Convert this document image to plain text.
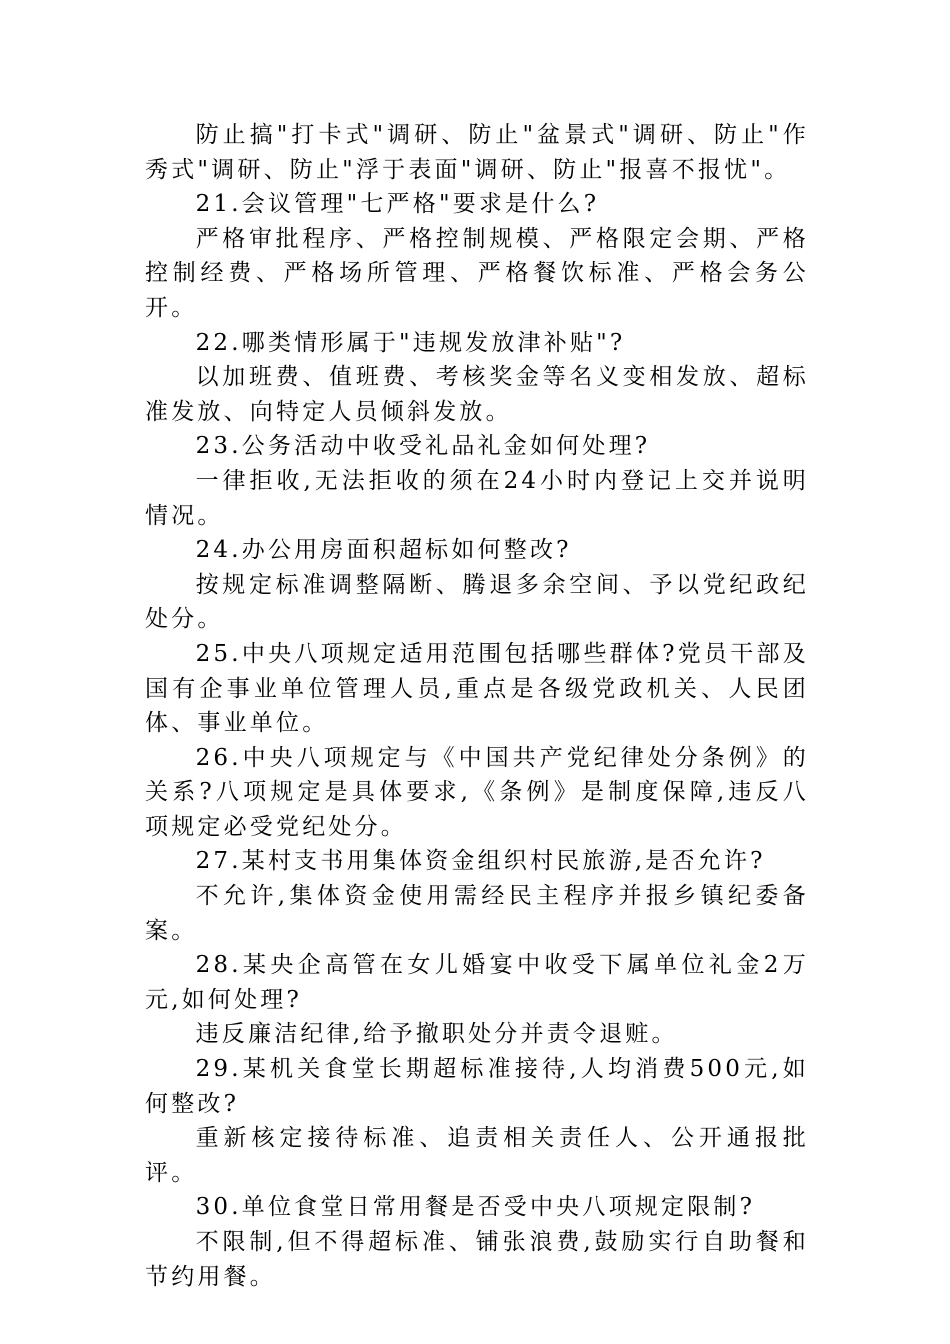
防止搞"打卡式"调研、防止"盆景式"调研、防止"作秀式"调研、防止"浮于表面"调研、防止"报喜不报忧"。

21.会议管理"七严格"要求是什么?

严格审批程序、严格控制规模、严格限定会期、严格控制经费、严格场所管理、严格餐饮标准、严格会务公开。

22.哪类情形属于"违规发放津补贴"?

以加班费、值班费、考核奖金等名义变相发放、超标准发放、向特定人员倾斜发放。

23.公务活动中收受礼品礼金如何处理?

一律拒收,无法拒收的须在24小时内登记上交并说明情况。

24.办公用房面积超标如何整改?

按规定标准调整隔断、腾退多余空间、予以党纪政纪处分。

25.中央八项规定适用范围包括哪些群体?党员干部及国有企事业单位管理人员,重点是各级党政机关、人民团体、事业单位。

26.中央八项规定与《中国共产党纪律处分条例》的关系?八项规定是具体要求,《条例》是制度保障,违反八项规定必受党纪处分。

27.某村支书用集体资金组织村民旅游,是否允许?

不允许,集体资金使用需经民主程序并报乡镇纪委备案。

28.某央企高管在女儿婚宴中收受下属单位礼金2万元,如何处理?

违反廉洁纪律,给予撤职处分并责令退赃。

29.某机关食堂长期超标准接待,人均消费500元,如何整改?

重新核定接待标准、追责相关责任人、公开通报批评。

30.单位食堂日常用餐是否受中央八项规定限制?

不限制,但不得超标准、铺张浪费,鼓励实行自助餐和节约用餐。
